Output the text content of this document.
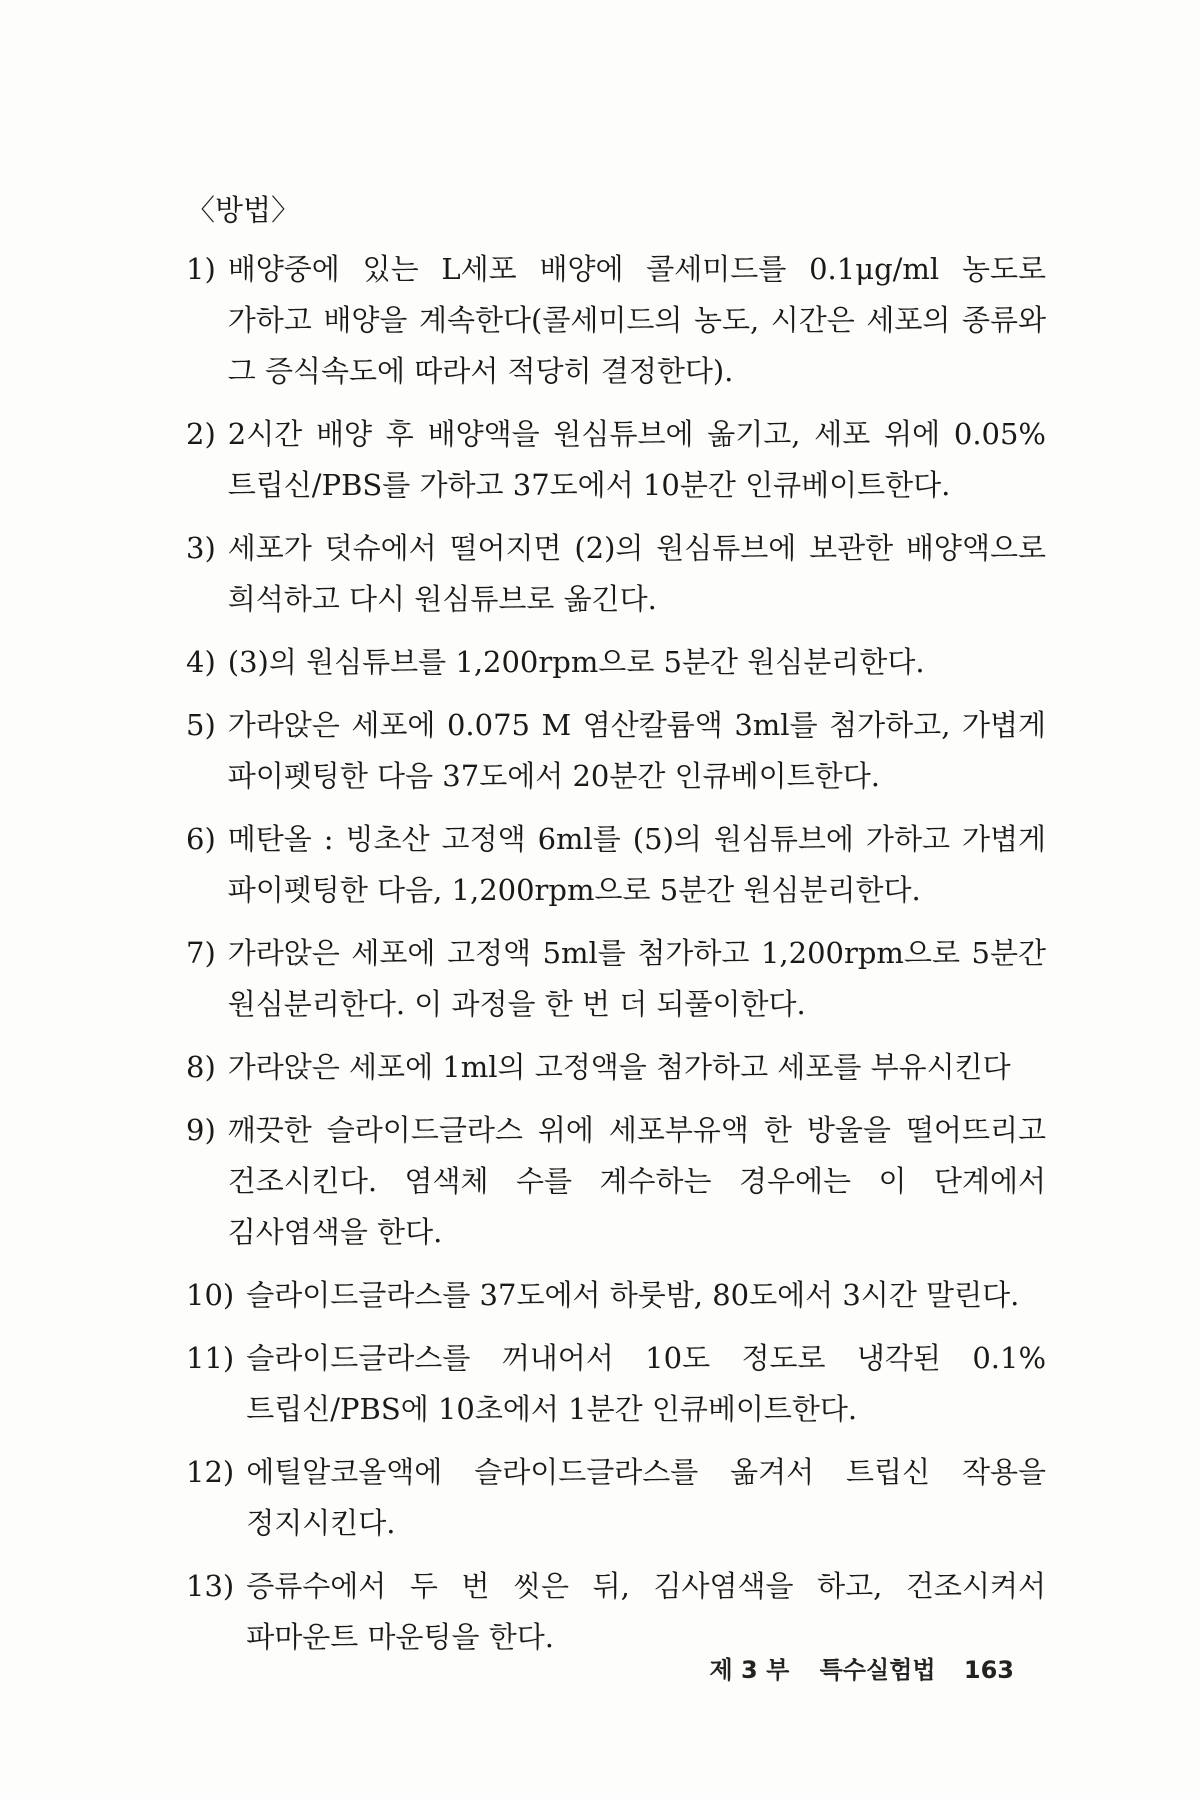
〈방법〉
1) 배양중에 있는 L세포 배양에 콜세미드를 0.1μg/ml 농도로 가하고 배양을 계속한다(콜세미드의 농도, 시간은 세포의 종류와 그 증식속도에 따라서 적당히 결정한다).
2) 2시간 배양 후 배양액을 원심튜브에 옮기고, 세포 위에 0.05% 트립신/PBS를 가하고 37도에서 10분간 인큐베이트한다.
3) 세포가 덧슈에서 떨어지면 (2)의 원심튜브에 보관한 배양액으로 희석하고 다시 원심튜브로 옮긴다.
4) (3)의 원심튜브를 1,200rpm으로 5분간 원심분리한다.
5) 가라앉은 세포에 0.075 M 염산칼륨액 3ml를 첨가하고, 가볍게 파이펫팅한 다음 37도에서 20분간 인큐베이트한다.
6) 메탄올 : 빙초산 고정액 6ml를 (5)의 원심튜브에 가하고 가볍게 파이펫팅한 다음, 1,200rpm으로 5분간 원심분리한다.
7) 가라앉은 세포에 고정액 5ml를 첨가하고 1,200rpm으로 5분간 원심분리한다. 이 과정을 한 번 더 되풀이한다.
8) 가라앉은 세포에 1ml의 고정액을 첨가하고 세포를 부유시킨다
9) 깨끗한 슬라이드글라스 위에 세포부유액 한 방울을 떨어뜨리고 건조시킨다. 염색체 수를 계수하는 경우에는 이 단계에서 김사염색을 한다.
10) 슬라이드글라스를 37도에서 하룻밤, 80도에서 3시간 말린다.
11) 슬라이드글라스를 꺼내어서 10도 정도로 냉각된 0.1% 트립신/PBS에 10초에서 1분간 인큐베이트한다.
12) 에틸알코올액에 슬라이드글라스를 옮겨서 트립신 작용을 정지시킨다.
13) 증류수에서 두 번 씻은 뒤, 김사염색을 하고, 건조시켜서 파마운트 마운팅을 한다.
제 3 부 특수실험법 163
